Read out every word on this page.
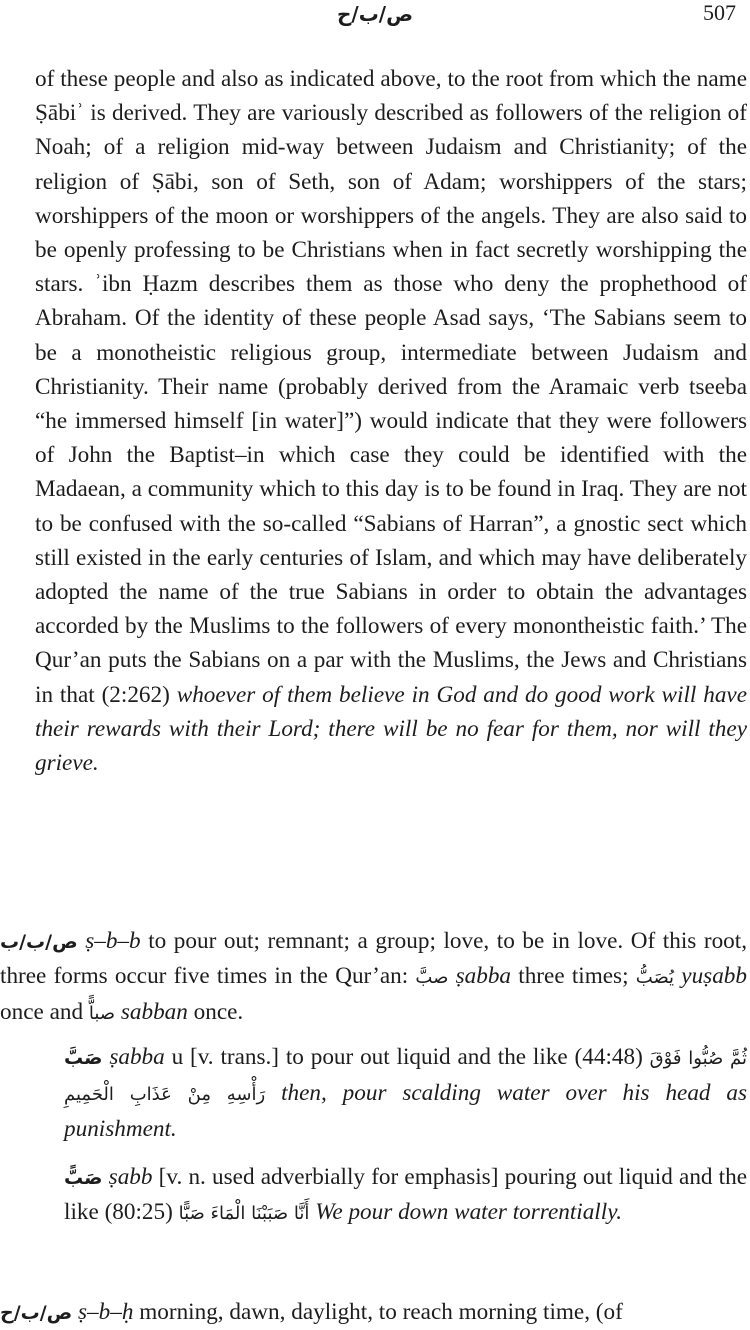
ص/ب/ح	507

of these people and also as indicated above, to the root from which the name Ṣābiʾ is derived. They are variously described as followers of the religion of Noah; of a religion mid-way between Judaism and Christianity; of the religion of Ṣābi, son of Seth, son of Adam; worshippers of the stars; worshippers of the moon or worshippers of the angels. They are also said to be openly professing to be Christians when in fact secretly worshipping the stars. ʾibn Ḥazm describes them as those who deny the prophethood of Abraham. Of the identity of these people Asad says, ‘The Sabians seem to be a monotheistic religious group, intermediate between Judaism and Christianity. Their name (probably derived from the Aramaic verb tseeba “he immersed himself [in water]”) would indicate that they were followers of John the Baptist–in which case they could be identified with the Madaean, a community which to this day is to be found in Iraq. They are not to be confused with the so-called “Sabians of Harran”, a gnostic sect which still existed in the early centuries of Islam, and which may have deliberately adopted the name of the true Sabians in order to obtain the advantages accorded by the Muslims to the followers of every monontheistic faith.’ The Qur’an puts the Sabians on a par with the Muslims, the Jews and Christians in that (2:262) whoever of them believe in God and do good work will have their rewards with their Lord; there will be no fear for them, nor will they grieve.

ص/ب/ب ṣ–b–b to pour out; remnant; a group; love, to be in love. Of this root, three forms occur five times in the Qur’an: صبَّ ṣabba three times; يُصَبُّ yuṣabb once and صباًّ sabban once.
صَبَّ ṣabba u [v. trans.] to pour out liquid and the like (44:48) ثُمَّ صُبُّوا فَوْقَ رَأْسِهِ مِنْ عَذَابِ الْحَمِيمِ then, pour scalding water over his head as punishment.
صَبًّ ṣabb [v. n. used adverbially for emphasis] pouring out liquid and the like (80:25) أَنَّا صَبَبْنَا الْمَاءَ صَبًّا We pour down water torrentially.
ص/ب/ح ṣ–b–ḥ morning, dawn, daylight, to reach morning time, (of
